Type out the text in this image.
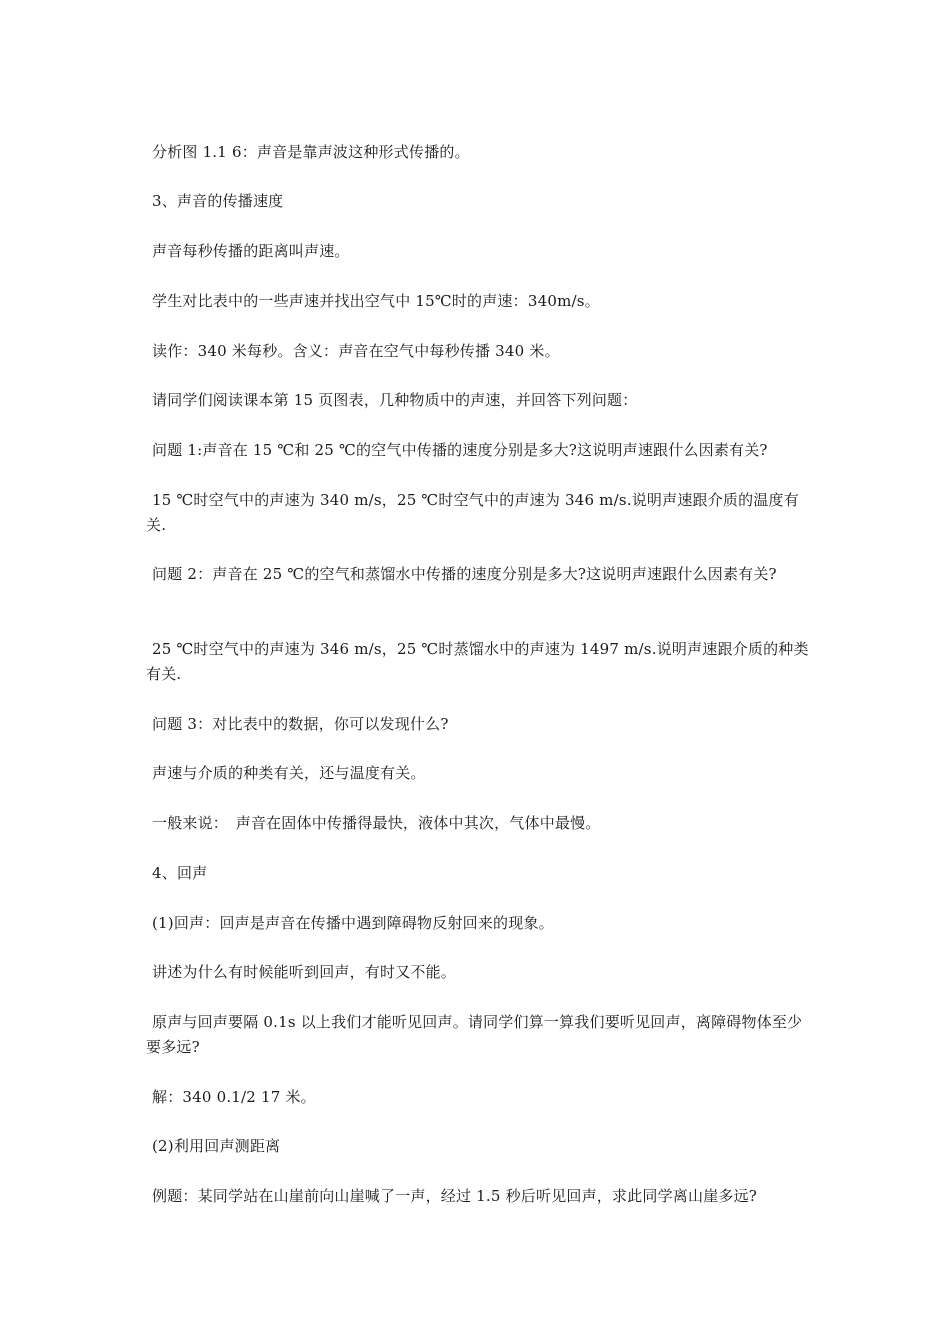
分析图 1.1 6：声音是靠声波这种形式传播的。

3、声音的传播速度

声音每秒传播的距离叫声速。

学生对比表中的一些声速并找出空气中 15℃时的声速：340m/s。

读作：340 米每秒。含义：声音在空气中每秒传播 340 米。

请同学们阅读课本第 15 页图表，几种物质中的声速，并回答下列问题：

问题 1:声音在 15 ℃和 25 ℃的空气中传播的速度分别是多大?这说明声速跟什么因素有关?

15 ℃时空气中的声速为 340 m/s，25 ℃时空气中的声速为 346 m/s.说明声速跟介质的温度有关.

问题 2：声音在 25 ℃的空气和蒸馏水中传播的速度分别是多大?这说明声速跟什么因素有关?

25 ℃时空气中的声速为 346 m/s，25 ℃时蒸馏水中的声速为 1497 m/s.说明声速跟介质的种类有关.

问题 3：对比表中的数据，你可以发现什么?

声速与介质的种类有关，还与温度有关。

一般来说：　声音在固体中传播得最快，液体中其次，气体中最慢。

4、回声

(1)回声：回声是声音在传播中遇到障碍物反射回来的现象。

讲述为什么有时候能听到回声，有时又不能。

原声与回声要隔 0.1s 以上我们才能听见回声。请同学们算一算我们要听见回声，离障碍物体至少要多远?

解：340 0.1/2 17 米。

(2)利用回声测距离

例题：某同学站在山崖前向山崖喊了一声，经过 1.5 秒后听见回声，求此同学离山崖多远?
